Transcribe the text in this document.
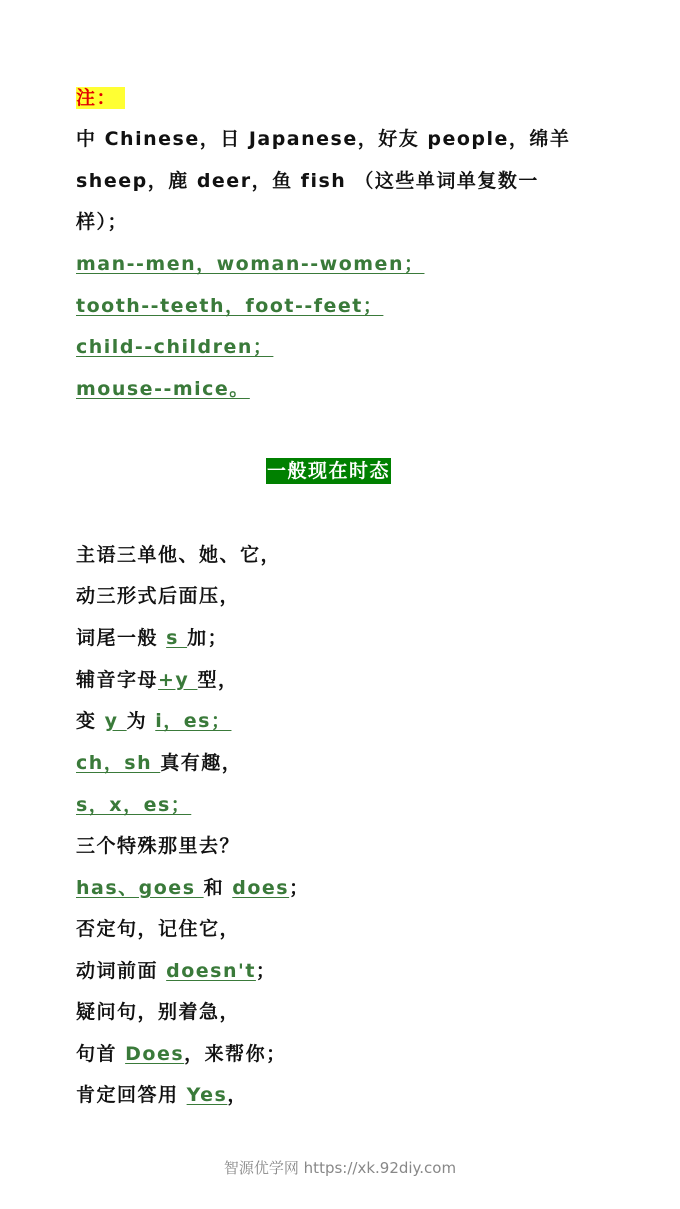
注：
中 Chinese，日 Japanese，好友 people，绵羊
sheep，鹿 deer，鱼 fish （这些单词单复数一
样）；
man--men，woman--women；
tooth--teeth，foot--feet；
child--children；
mouse--mice。
一般现在时态
主语三单他、她、它，
动三形式后面压，
词尾一般 s 加；
辅音字母+y 型，
变 y 为 i，es；
ch，sh 真有趣，
s，x，es；
三个特殊那里去？
has、goes 和 does；
否定句，记住它，
动词前面 doesn't；
疑问句，别着急，
句首 Does，来帮你；
肯定回答用 Yes，
智源优学网 https://xk.92diy.com
